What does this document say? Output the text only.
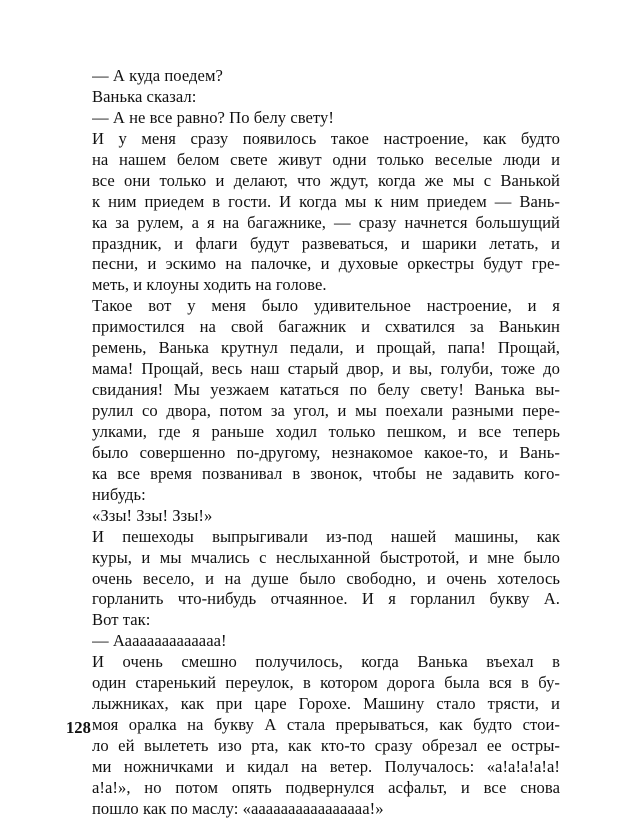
— А куда поедем?
Ванька сказал:
— А не все равно? По белу свету!
И у меня сразу появилось такое настроение, как будто
на нашем белом свете живут одни только веселые люди и
все они только и делают, что ждут, когда же мы с Ванькой
к ним приедем в гости. И когда мы к ним приедем — Вань-
ка за рулем, а я на багажнике, — сразу начнется большущий
праздник, и флаги будут развеваться, и шарики летать, и
песни, и эскимо на палочке, и духовые оркестры будут гре-
меть, и клоуны ходить на голове.
Такое вот у меня было удивительное настроение, и я
примостился на свой багажник и схватился за Ванькин
ремень, Ванька крутнул педали, и прощай, папа! Прощай,
мама! Прощай, весь наш старый двор, и вы, голуби, тоже до
свидания! Мы уезжаем кататься по белу свету! Ванька вы-
рулил со двора, потом за угол, и мы поехали разными пере-
улками, где я раньше ходил только пешком, и все теперь
было совершенно по-другому, незнакомое какое-то, и Вань-
ка все время позванивал в звонок, чтобы не задавить кого-
нибудь:
«Ззы! Ззы! Ззы!»
И пешеходы выпрыгивали из-под нашей машины, как
куры, и мы мчались с неслыханной быстротой, и мне было
очень весело, и на душе было свободно, и очень хотелось
горланить что-нибудь отчаянное. И я горланил букву А.
Вот так:
— Аааааааааааааа!
И очень смешно получилось, когда Ванька въехал в
один старенький переулок, в котором дорога была вся в бу-
лыжниках, как при царе Горохе. Машину стало трясти, и
моя оралка на букву А стала прерываться, как будто стои-
ло ей вылететь изо рта, как кто-то сразу обрезал ее остры-
ми ножничками и кидал на ветер. Получалось: «а!а!а!а!а!
а!а!», но потом опять подвернулся асфальт, и все снова
пошло как по маслу: «аааааааааааааааа!»
128
